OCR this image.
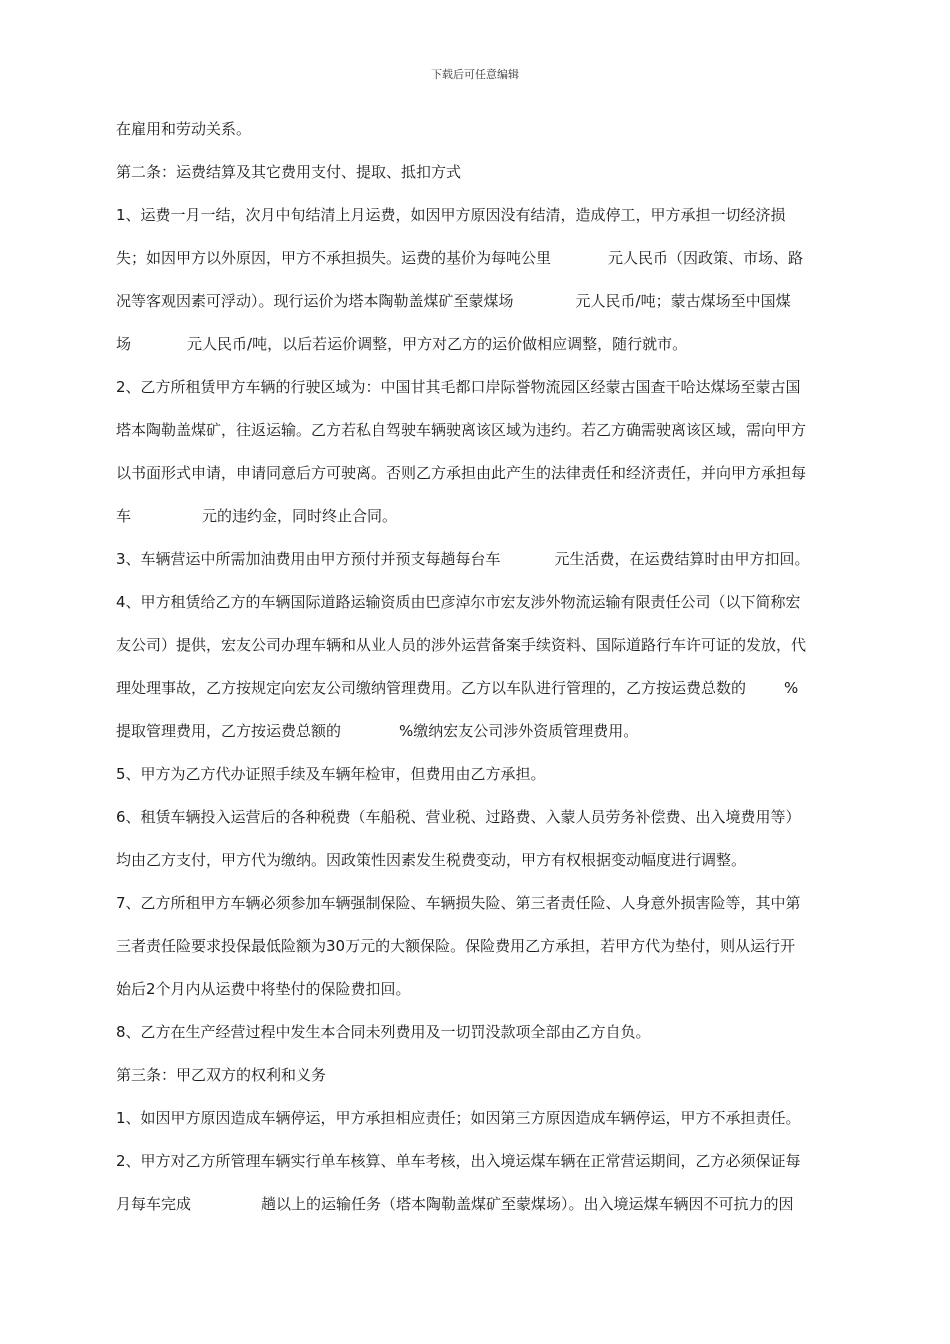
下载后可任意编辑
在雇用和劳动关系。
第二条：运费结算及其它费用支付、提取、抵扣方式
1、运费一月一结，次月中旬结清上月运费，如因甲方原因没有结清，造成停工，甲方承担一切经济损
失；如因甲方以外原因，甲方不承担损失。运费的基价为每吨公里	元人民币（因政策、市场、路
况等客观因素可浮动）。现行运价为塔本陶勒盖煤矿至蒙煤场	元人民币/吨；蒙古煤场至中国煤
场	元人民币/吨，以后若运价调整，甲方对乙方的运价做相应调整，随行就市。
2、乙方所租赁甲方车辆的行驶区域为：中国甘其毛都口岸际誉物流园区经蒙古国查干哈达煤场至蒙古国
塔本陶勒盖煤矿，往返运输。乙方若私自驾驶车辆驶离该区域为违约。若乙方确需驶离该区域，需向甲方
以书面形式申请，申请同意后方可驶离。否则乙方承担由此产生的法律责任和经济责任，并向甲方承担每
车	元的违约金，同时终止合同。
3、车辆营运中所需加油费用由甲方预付并预支每趟每台车	元生活费，在运费结算时由甲方扣回。
4、甲方租赁给乙方的车辆国际道路运输资质由巴彦淖尔市宏友涉外物流运输有限责任公司（以下简称宏
友公司）提供，宏友公司办理车辆和从业人员的涉外运营备案手续资料、国际道路行车许可证的发放，代
理处理事故，乙方按规定向宏友公司缴纳管理费用。乙方以车队进行管理的，乙方按运费总数的	%
提取管理费用，乙方按运费总额的	%缴纳宏友公司涉外资质管理费用。
5、甲方为乙方代办证照手续及车辆年检审，但费用由乙方承担。
6、租赁车辆投入运营后的各种税费（车船税、营业税、过路费、入蒙人员劳务补偿费、出入境费用等）
均由乙方支付，甲方代为缴纳。因政策性因素发生税费变动，甲方有权根据变动幅度进行调整。
7、乙方所租甲方车辆必须参加车辆强制保险、车辆损失险、第三者责任险、人身意外损害险等，其中第
三者责任险要求投保最低险额为30万元的大额保险。保险费用乙方承担，若甲方代为垫付，则从运行开
始后2个月内从运费中将垫付的保险费扣回。
8、乙方在生产经营过程中发生本合同未列费用及一切罚没款项全部由乙方自负。
第三条：甲乙双方的权利和义务
1、如因甲方原因造成车辆停运，甲方承担相应责任；如因第三方原因造成车辆停运，甲方不承担责任。
2、甲方对乙方所管理车辆实行单车核算、单车考核，出入境运煤车辆在正常营运期间，乙方必须保证每
月每车完成	趟以上的运输任务（塔本陶勒盖煤矿至蒙煤场）。出入境运煤车辆因不可抗力的因
